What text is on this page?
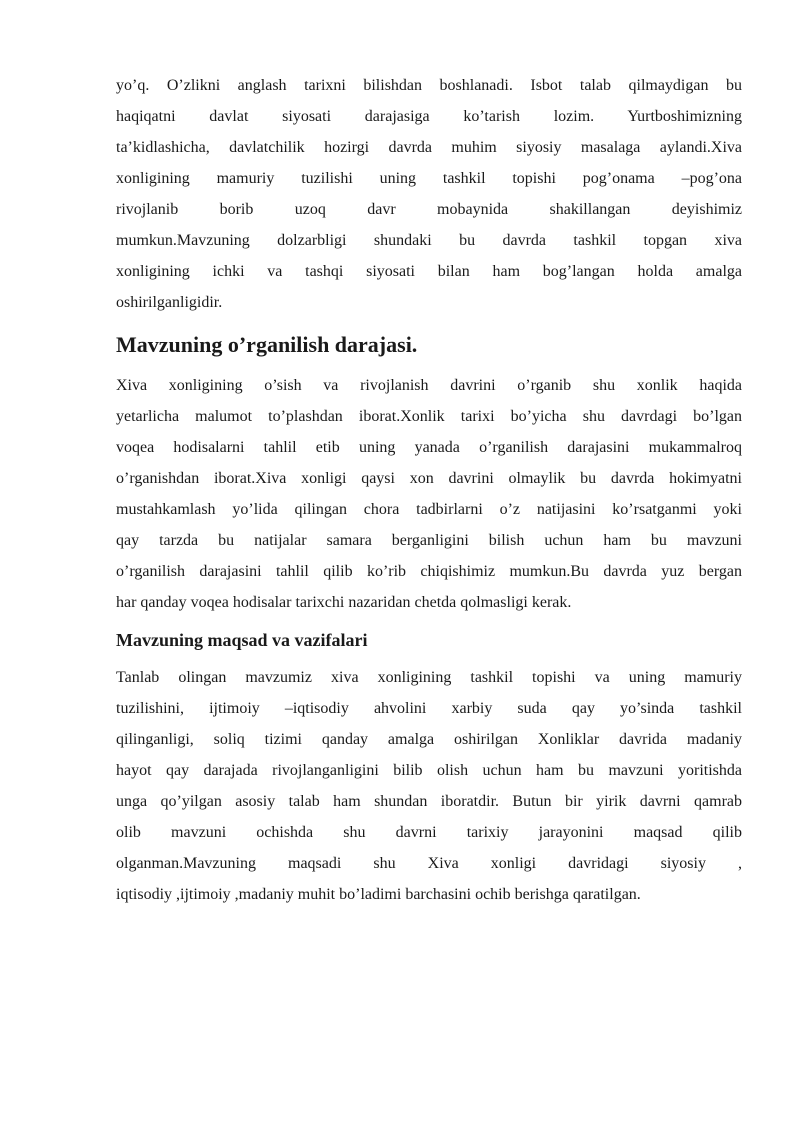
yo’q. O’zlikni anglash tarixni bilishdan boshlanadi. Isbot talab qilmaydigan bu
haqiqatni davlat siyosati darajasiga ko’tarish lozim. Yurtboshimizning
ta’kidlashicha, davlatchilik hozirgi davrda muhim siyosiy masalaga aylandi.Xiva
xonligining mamuriy tuzilishi uning tashkil topishi pog’onama –pog’ona
rivojlanib borib uzoq davr mobaynida shakillangan deyishimiz
mumkun.Mavzuning dolzarbligi shundaki bu davrda tashkil topgan xiva
xonligining ichki va tashqi siyosati bilan ham bog’langan holda amalga
oshirilganligidir.

Mavzuning o’rganilish darajasi.

Xiva xonligining o’sish va rivojlanish davrini o’rganib shu xonlik haqida
yetarlicha malumot to’plashdan iborat.Xonlik tarixi bo’yicha shu davrdagi bo’lgan
voqea hodisalarni tahlil etib uning yanada o’rganilish darajasini mukammalroq
o’rganishdan iborat.Xiva xonligi qaysi xon davrini olmaylik bu davrda hokimyatni
mustahkamlash yo’lida qilingan chora tadbirlarni o’z natijasini ko’rsatganmi yoki
qay tarzda bu natijalar samara berganligini bilish uchun ham bu mavzuni
o’rganilish darajasini tahlil qilib ko’rib chiqishimiz mumkun.Bu davrda yuz bergan
har qanday voqea hodisalar tarixchi nazaridan chetda qolmasligi kerak.

Mavzuning maqsad va vazifalari

Tanlab olingan mavzumiz xiva xonligining tashkil topishi va uning mamuriy
tuzilishini, ijtimoiy –iqtisodiy ahvolini xarbiy suda qay yo’sinda tashkil
qilinganligi, soliq tizimi qanday amalga oshirilgan Xonliklar davrida madaniy
hayot qay darajada rivojlanganligini bilib olish uchun ham bu mavzuni yoritishda
unga qo’yilgan asosiy talab ham shundan iboratdir. Butun bir yirik davrni qamrab
olib mavzuni ochishda shu davrni tarixiy jarayonini maqsad qilib
olganman.Mavzuning maqsadi shu Xiva xonligi davridagi siyosiy ,
iqtisodiy ,ijtimoiy ,madaniy muhit bo’ladimi barchasini ochib berishga qaratilgan.
